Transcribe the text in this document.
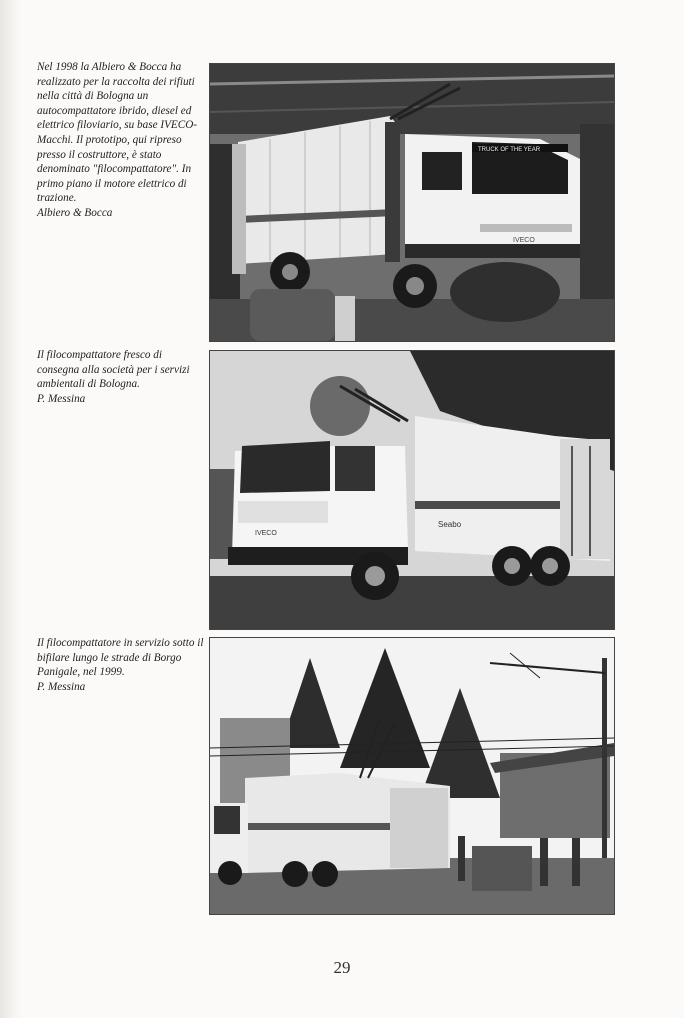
Nel 1998 la Albiero & Bocca ha realizzato per la raccolta dei rifiuti nella città di Bologna un autocompattatore ibrido, diesel ed elettrico filoviario, su base IVECO-Macchi. Il prototipo, qui ripreso presso il costruttore, è stato denominato "filocompattatore". In primo piano il motore elettrico di trazione.

Albiero & Bocca

TRUCK OF THE YEAR
IVECO

Il filocompattatore fresco di consegna alla società per i servizi ambientali di Bologna.

P. Messina

Seabo
IVECO

Il filocompattatore in servizio sotto il bifilare lungo le strade di Borgo Panigale, nel 1999.

P. Messina

29
